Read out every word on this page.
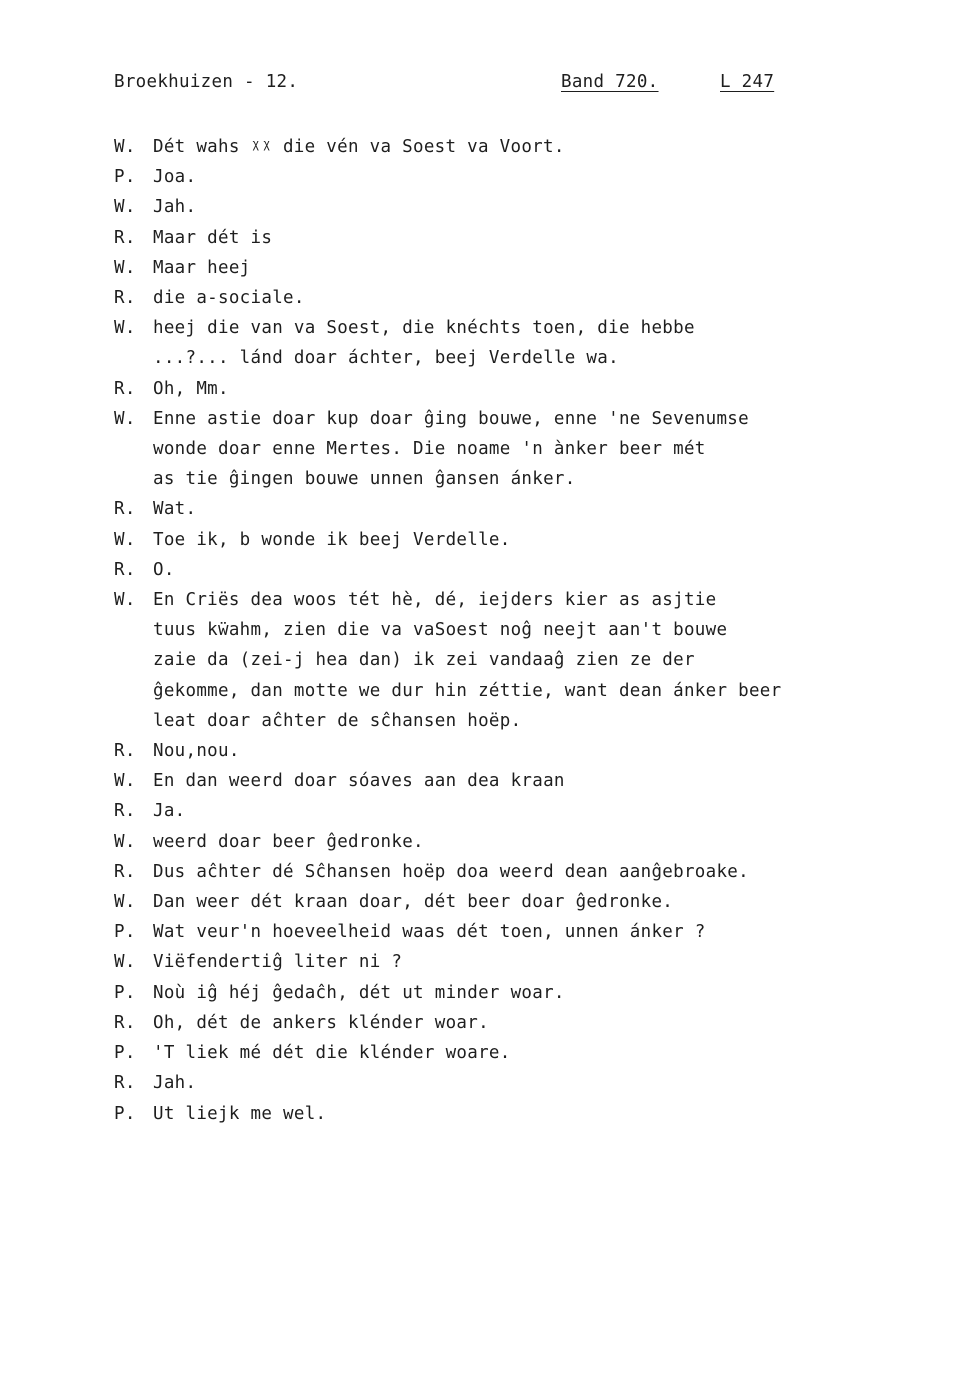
Broekhuizen - 12.	Band 720.	L 247
W. Dét wahs ᵡᵡ die vén va Soest va Voort.
P. Joa.
W. Jah.
R. Maar dét is
W. Maar heej
R. die a-sociale.
W. heej die van va Soest, die knéchts toen, die hebbe
...?... lánd doar áchter, beej Verdelle wa.
R. Oh, Mm.
W. Enne astie doar kup doar ĝing bouwe, enne 'ne Sevenumse
wonde doar enne Mertes. Die noame 'n ànker beer mét
as tie ĝingen bouwe unnen ĝansen ánker.
R. Wat.
W. Toe ik, b wonde ik beej Verdelle.
R. O.
W. En Criës dea woos tét hè, dé, iejders kier as asjtie
tuus kẅahm, zien die va vaSoest noĝ neejt aan't bouwe
zaie da (zei-j hea dan) ik zei vandaaĝ zien ze der
ĝekomme, dan motte we dur hin zéttie, want dean ánker beer
leat doar aĉhter de sĉhansen hoëp.
R. Nou,nou.
W. En dan weerd doar sóaves aan dea kraan
R. Ja.
W. weerd doar beer ĝedronke.
R. Dus aĉhter dé Sĉhansen hoëp doa weerd dean aanĝebroake.
W. Dan weer dét kraan doar, dét beer doar ĝedronke.
P. Wat veur'n hoeveelheid waas dét toen, unnen ánker ?
W. Viëfendertiĝ liter ni ?
P. Noù iĝ héj ĝedaĉh, dét ut minder woar.
R. Oh, dét de ankers klénder woar.
P. 'T liek mé dét die klénder woare.
R. Jah.
P. Ut liejk me wel.
